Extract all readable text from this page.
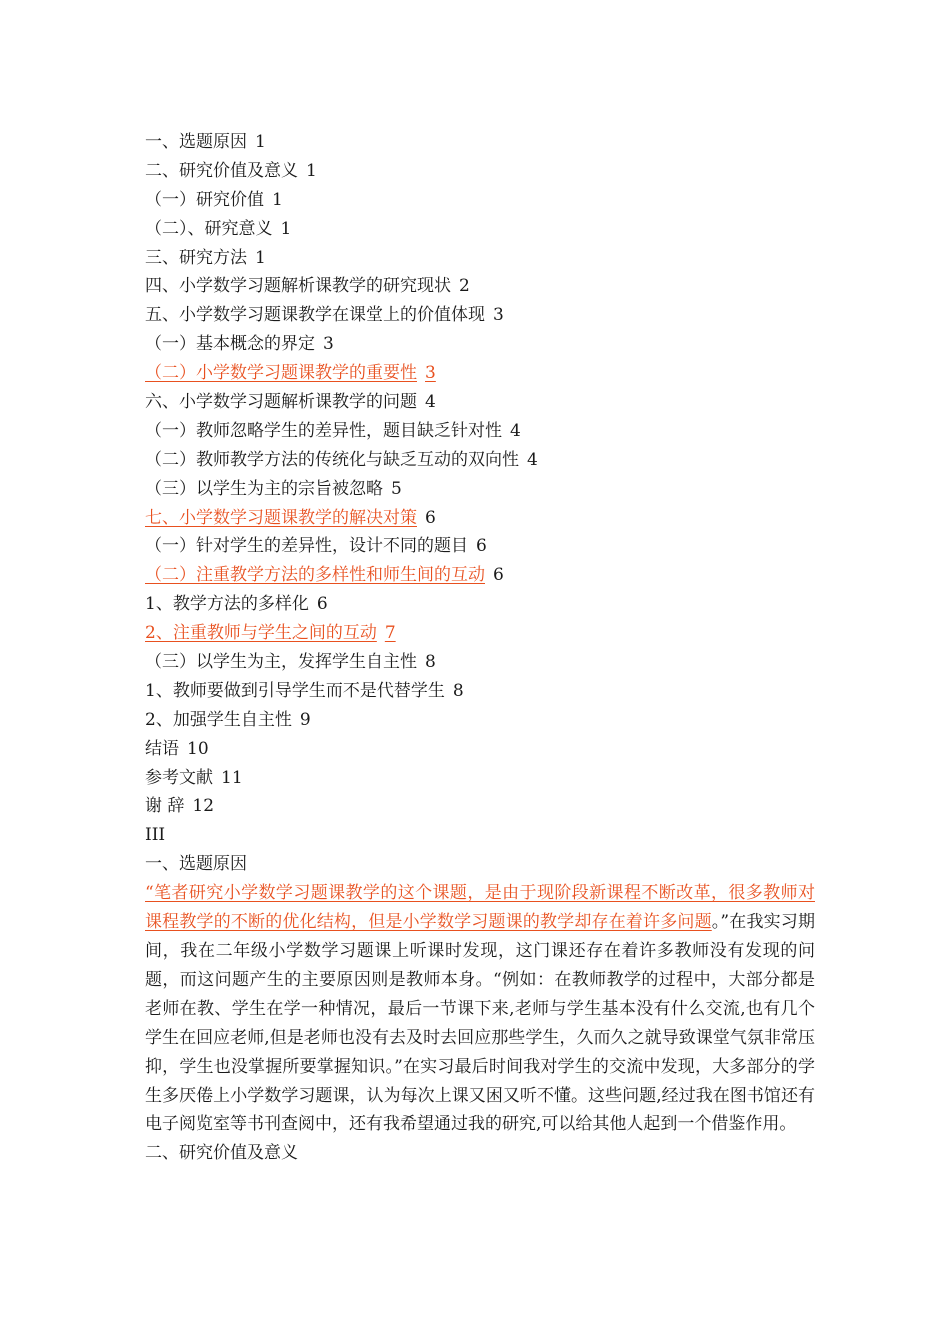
一、选题原因 1
二、研究价值及意义 1
（一）研究价值 1
（二）、研究意义 1
三、研究方法 1
四、小学数学习题解析课教学的研究现状 2
五、小学数学习题课教学在课堂上的价值体现 3
（一）基本概念的界定 3
（二）小学数学习题课教学的重要性 3
六、小学数学习题解析课教学的问题 4
（一）教师忽略学生的差异性，题目缺乏针对性 4
（二）教师教学方法的传统化与缺乏互动的双向性 4
（三）以学生为主的宗旨被忽略 5
七、小学数学习题课教学的解决对策 6
（一）针对学生的差异性，设计不同的题目 6
（二）注重教学方法的多样性和师生间的互动 6
1、教学方法的多样化 6
2、注重教师与学生之间的互动 7
（三）以学生为主，发挥学生自主性 8
1、教师要做到引导学生而不是代替学生 8
2、加强学生自主性 9
结语 10
参考文献 11
谢 辞 12
III
一、选题原因
“笔者研究小学数学习题课教学的这个课题，是由于现阶段新课程不断改革，很多教师对课程教学的不断的优化结构，但是小学数学习题课的教学却存在着许多问题。”在我实习期间，我在二年级小学数学习题课上听课时发现，这门课还存在着许多教师没有发现的问题，而这问题产生的主要原因则是教师本身。“例如：在教师教学的过程中，大部分都是老师在教、学生在学一种情况，最后一节课下来,老师与学生基本没有什么交流,也有几个学生在回应老师,但是老师也没有去及时去回应那些学生，久而久之就导致课堂气氛非常压抑，学生也没掌握所要掌握知识。”在实习最后时间我对学生的交流中发现，大多部分的学生多厌倦上小学数学习题课，认为每次上课又困又听不懂。这些问题,经过我在图书馆还有电子阅览室等书刊查阅中，还有我希望通过我的研究,可以给其他人起到一个借鉴作用。
二、研究价值及意义
